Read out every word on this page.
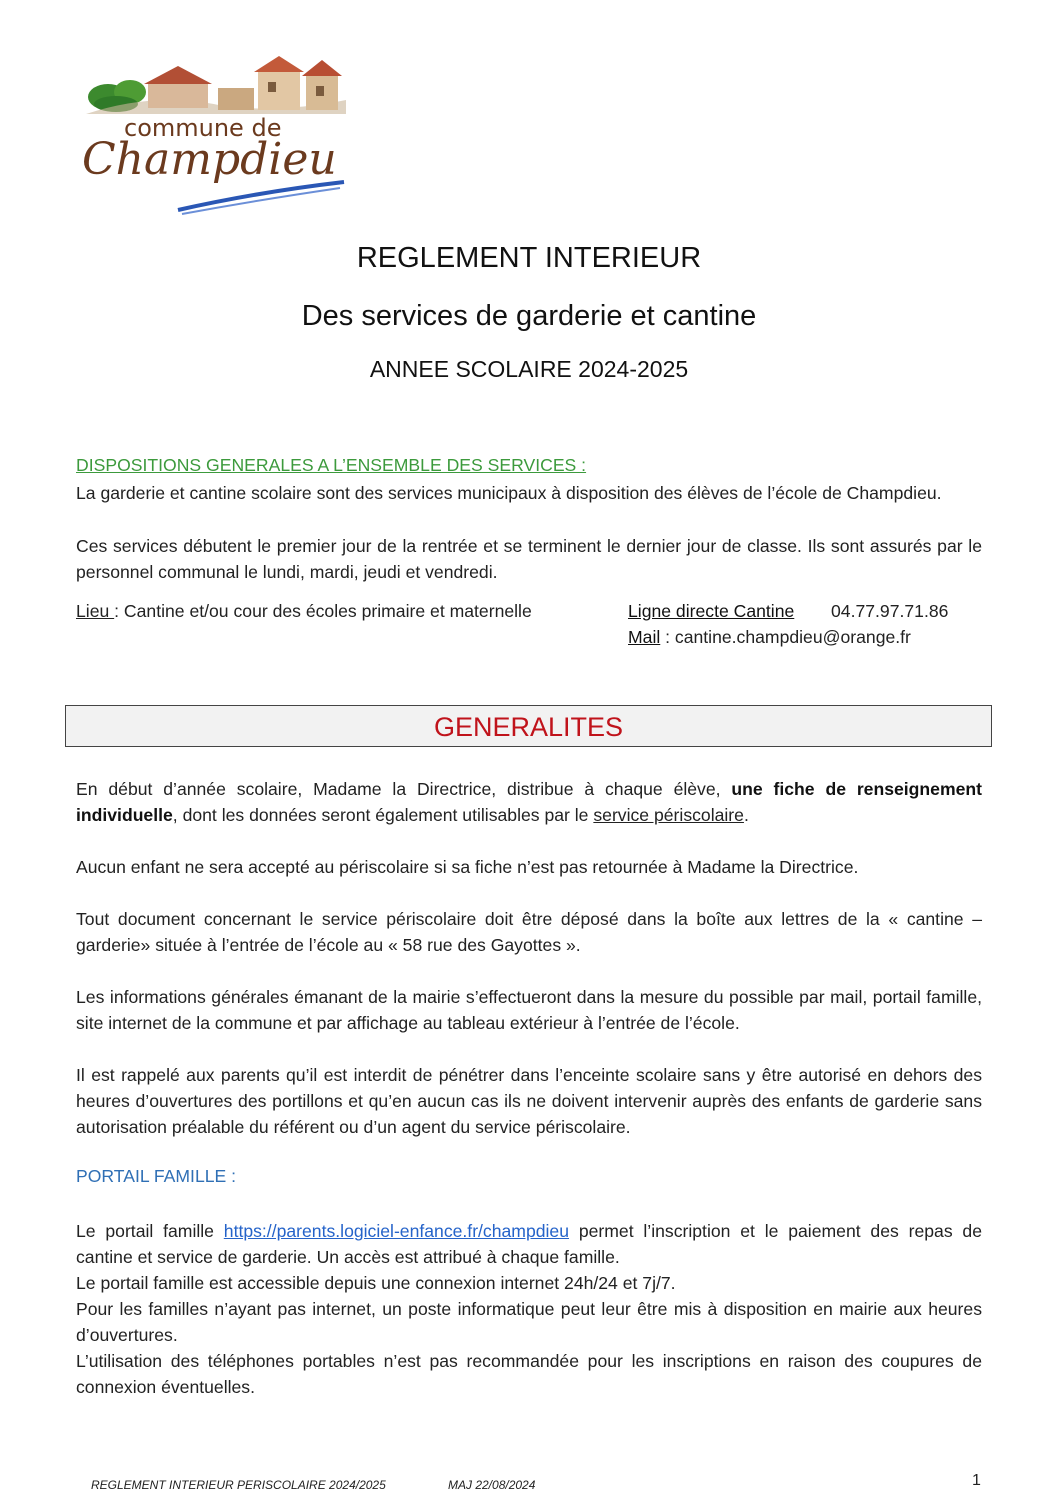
commune de
Champdieu
REGLEMENT INTERIEUR
Des services de garderie et cantine
ANNEE SCOLAIRE 2024-2025
DISPOSITIONS GENERALES A L’ENSEMBLE DES SERVICES :
La garderie et cantine scolaire sont des services municipaux à disposition des élèves de l’école de Champdieu.
Ces services débutent le premier jour de la rentrée et se terminent le dernier jour de classe. Ils sont assurés par le personnel communal le lundi, mardi, jeudi et vendredi.
Lieu : Cantine et/ou cour des écoles primaire et maternelle	Ligne directe Cantine 04.77.97.71.86
Mail : cantine.champdieu@orange.fr
GENERALITES
En début d’année scolaire, Madame la Directrice, distribue à chaque élève, une fiche de renseignement individuelle, dont les données seront également utilisables par le service périscolaire.
Aucun enfant ne sera accepté au périscolaire si sa fiche n’est pas retournée à Madame la Directrice.
Tout document concernant le service périscolaire doit être déposé dans la boîte aux lettres de la « cantine – garderie» située à l’entrée de l’école au « 58 rue des Gayottes ».
Les informations générales émanant de la mairie s’effectueront dans la mesure du possible par mail, portail famille, site internet de la commune et par affichage au tableau extérieur à l’entrée de l’école.
Il est rappelé aux parents qu’il est interdit de pénétrer dans l’enceinte scolaire sans y être autorisé en dehors des heures d’ouvertures des portillons et qu’en aucun cas ils ne doivent intervenir auprès des enfants de garderie sans autorisation préalable du référent ou d’un agent du service périscolaire.
PORTAIL FAMILLE :
Le portail famille https://parents.logiciel-enfance.fr/champdieu permet l’inscription et le paiement des repas de cantine et service de garderie. Un accès est attribué à chaque famille.
Le portail famille est accessible depuis une connexion internet 24h/24 et 7j/7.
Pour les familles n’ayant pas internet, un poste informatique peut leur être mis à disposition en mairie aux heures d’ouvertures.
L’utilisation des téléphones portables n’est pas recommandée pour les inscriptions en raison des coupures de connexion éventuelles.
REGLEMENT INTERIEUR PERISCOLAIRE 2024/2025	MAJ 22/08/2024	1
